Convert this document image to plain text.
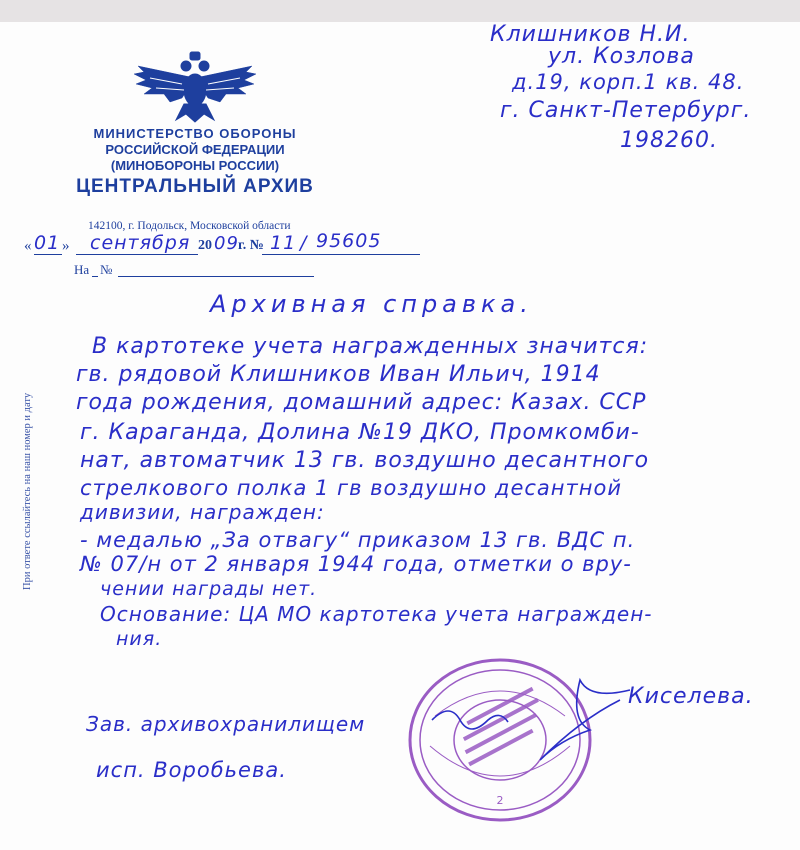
Клишников Н.И.
ул. Козлова
д.19, корп.1 кв. 48.
г. Санкт-Петербург.
198260.
МИНИСТЕРСТВО ОБОРОНЫ
РОССИЙСКОЙ ФЕДЕРАЦИИ
(МИНОБОРОНЫ РОССИИ)
ЦЕНТРАЛЬНЫЙ АРХИВ
142100, г. Подольск, Московской области
« 01 » сентября 20 09 г. № 11 / 95605
На №
При ответе ссылайтесь на наш номер и дату
Архивная справка.
В картотеке учета награжденных значится:
гв. рядовой Клишников Иван Ильич, 1914
года рождения, домашний адрес: Казах. ССР
г. Караганда, Долина №19 ДКО, Промкомби-
нат, автоматчик 13 гв. воздушно десантного
стрелкового полка 1 гв воздушно десантной
дивизии, награжден:
- медалью „За отвагу“ приказом 13 гв. ВДС п.
№ 07/н от 2 января 1944 года, отметки о вру-
чении награды нет.
Основание: ЦА МО картотека учета награжден-
ния.
2
Киселева.
Зав. архивохранилищем
исп. Воробьева.
